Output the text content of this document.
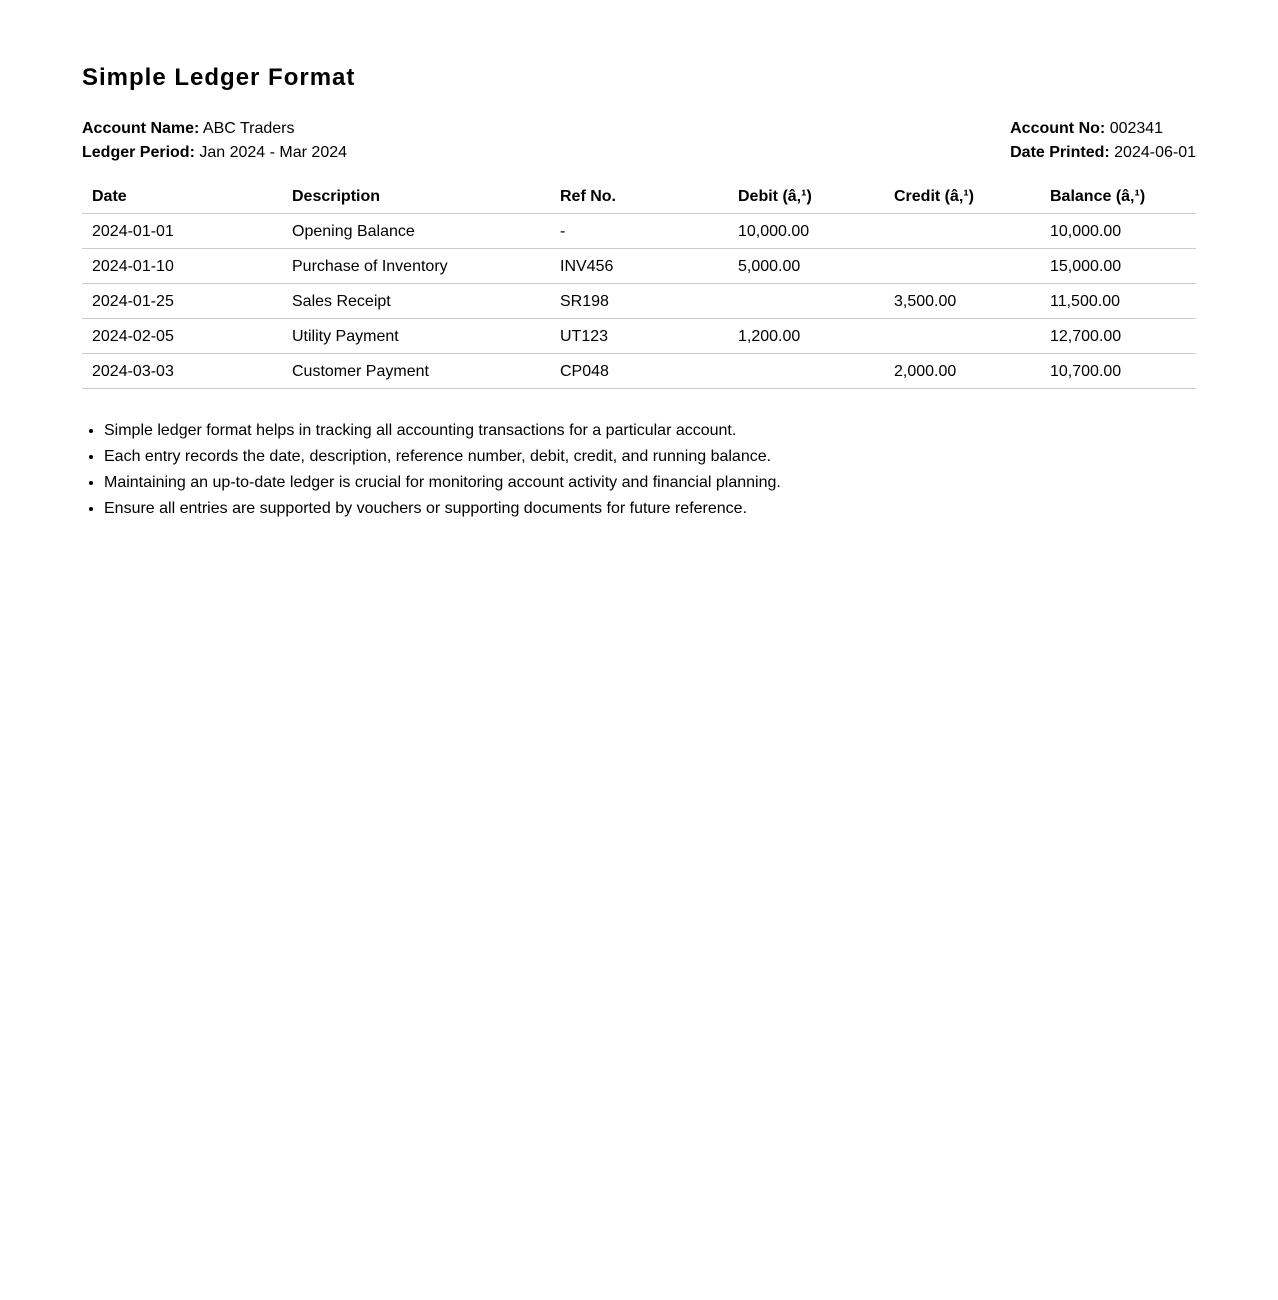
Simple Ledger Format
Account Name: ABC Traders
Ledger Period: Jan 2024 - Mar 2024
Account No: 002341
Date Printed: 2024-06-01
Date	Description	Ref No.	Debit (â‚¹)	Credit (â‚¹)	Balance (â‚¹)
2024-01-01	Opening Balance	-	10,000.00		10,000.00
2024-01-10	Purchase of Inventory	INV456	5,000.00		15,000.00
2024-01-25	Sales Receipt	SR198		3,500.00	11,500.00
2024-02-05	Utility Payment	UT123	1,200.00		12,700.00
2024-03-03	Customer Payment	CP048		2,000.00	10,700.00
• Simple ledger format helps in tracking all accounting transactions for a particular account.
• Each entry records the date, description, reference number, debit, credit, and running balance.
• Maintaining an up-to-date ledger is crucial for monitoring account activity and financial planning.
• Ensure all entries are supported by vouchers or supporting documents for future reference.
